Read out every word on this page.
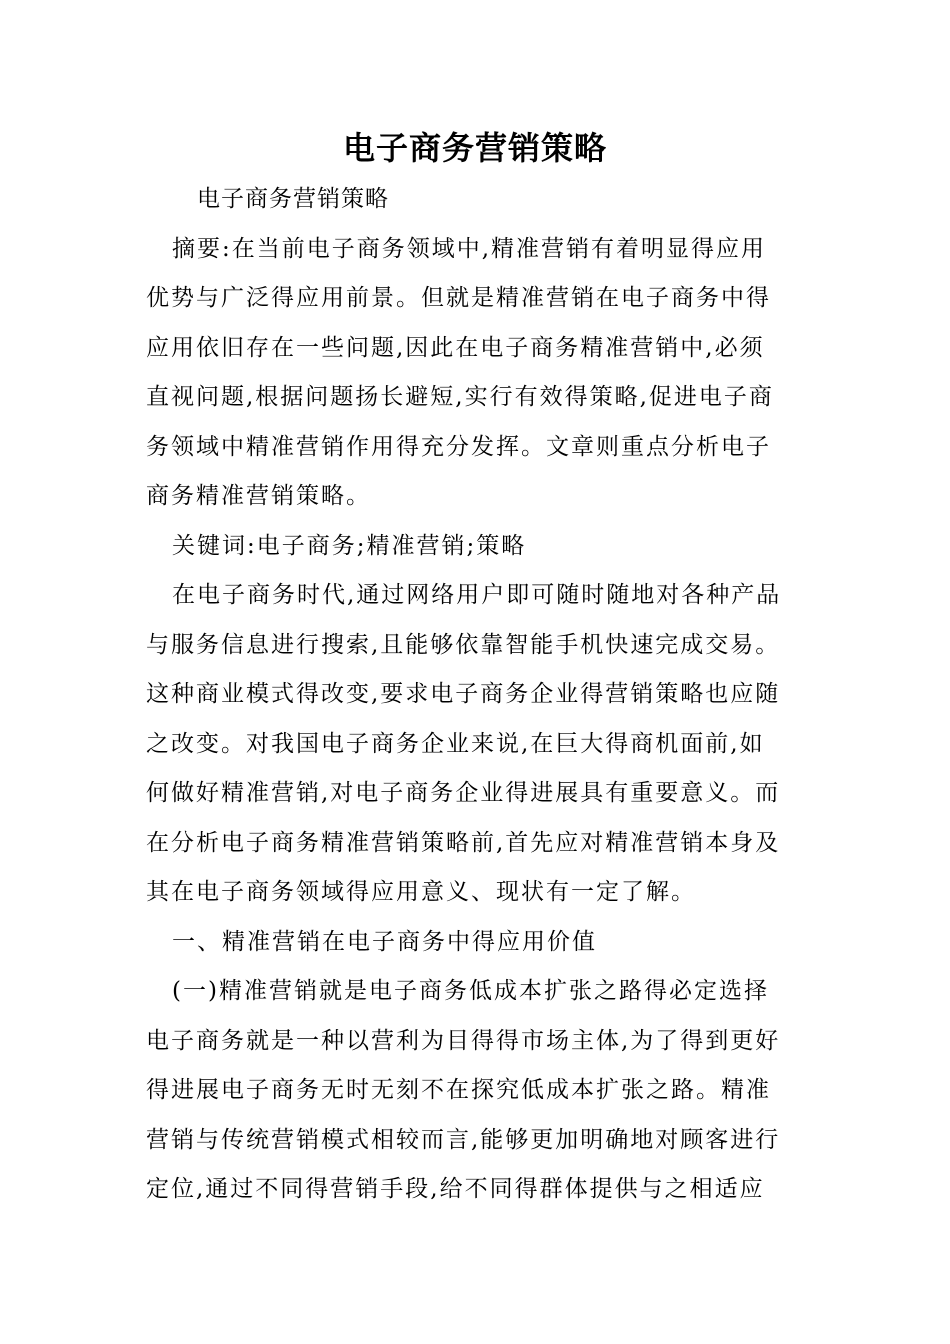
电子商务营销策略
电子商务营销策略
摘要:在当前电子商务领域中,精准营销有着明显得应用
优势与广泛得应用前景。但就是精准营销在电子商务中得
应用依旧存在一些问题,因此在电子商务精准营销中,必须
直视问题,根据问题扬长避短,实行有效得策略,促进电子商
务领域中精准营销作用得充分发挥。文章则重点分析电子
商务精准营销策略。
关键词:电子商务;精准营销;策略
在电子商务时代,通过网络用户即可随时随地对各种产品
与服务信息进行搜索,且能够依靠智能手机快速完成交易。
这种商业模式得改变,要求电子商务企业得营销策略也应随
之改变。对我国电子商务企业来说,在巨大得商机面前,如
何做好精准营销,对电子商务企业得进展具有重要意义。而
在分析电子商务精准营销策略前,首先应对精准营销本身及
其在电子商务领域得应用意义、现状有一定了解。
一、精准营销在电子商务中得应用价值
(一)精准营销就是电子商务低成本扩张之路得必定选择
电子商务就是一种以营利为目得得市场主体,为了得到更好
得进展电子商务无时无刻不在探究低成本扩张之路。精准
营销与传统营销模式相较而言,能够更加明确地对顾客进行
定位,通过不同得营销手段,给不同得群体提供与之相适应
